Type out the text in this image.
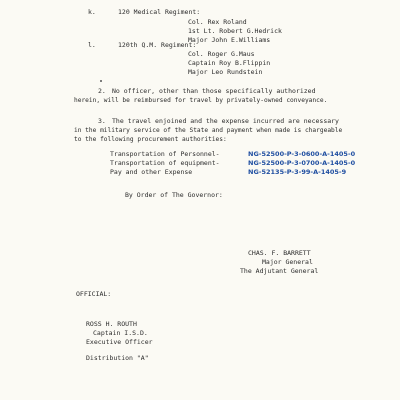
k.	120 Medical Regiment:
Col. Rex Roland
1st Lt. Robert G.Hedrick
Major John E.Williams
l.	120th Q.M. Regiment:
Col. Roger G.Maus
Captain Roy B.Flippin
Major Leo Rundstein
2. No officer, other than those specifically authorized
herein, will be reimbursed for travel by privately-owned conveyance.
3. The travel enjoined and the expense incurred are necessary
in the military service of the State and payment when made is chargeable
to the following procurement authorities:
Transportation of Personnel-	NG-52500-P-3-0600-A-1405-0
Transportation of equipment-	NG-52500-P-3-0700-A-1405-0
Pay and other Expense	NG-52135-P-3-99-A-1405-9
By Order of The Governor:
CHAS. F. BARRETT
Major General
The Adjutant General
OFFICIAL:
ROSS H. ROUTH
Captain I.S.D.
Executive Officer
Distribution "A"
